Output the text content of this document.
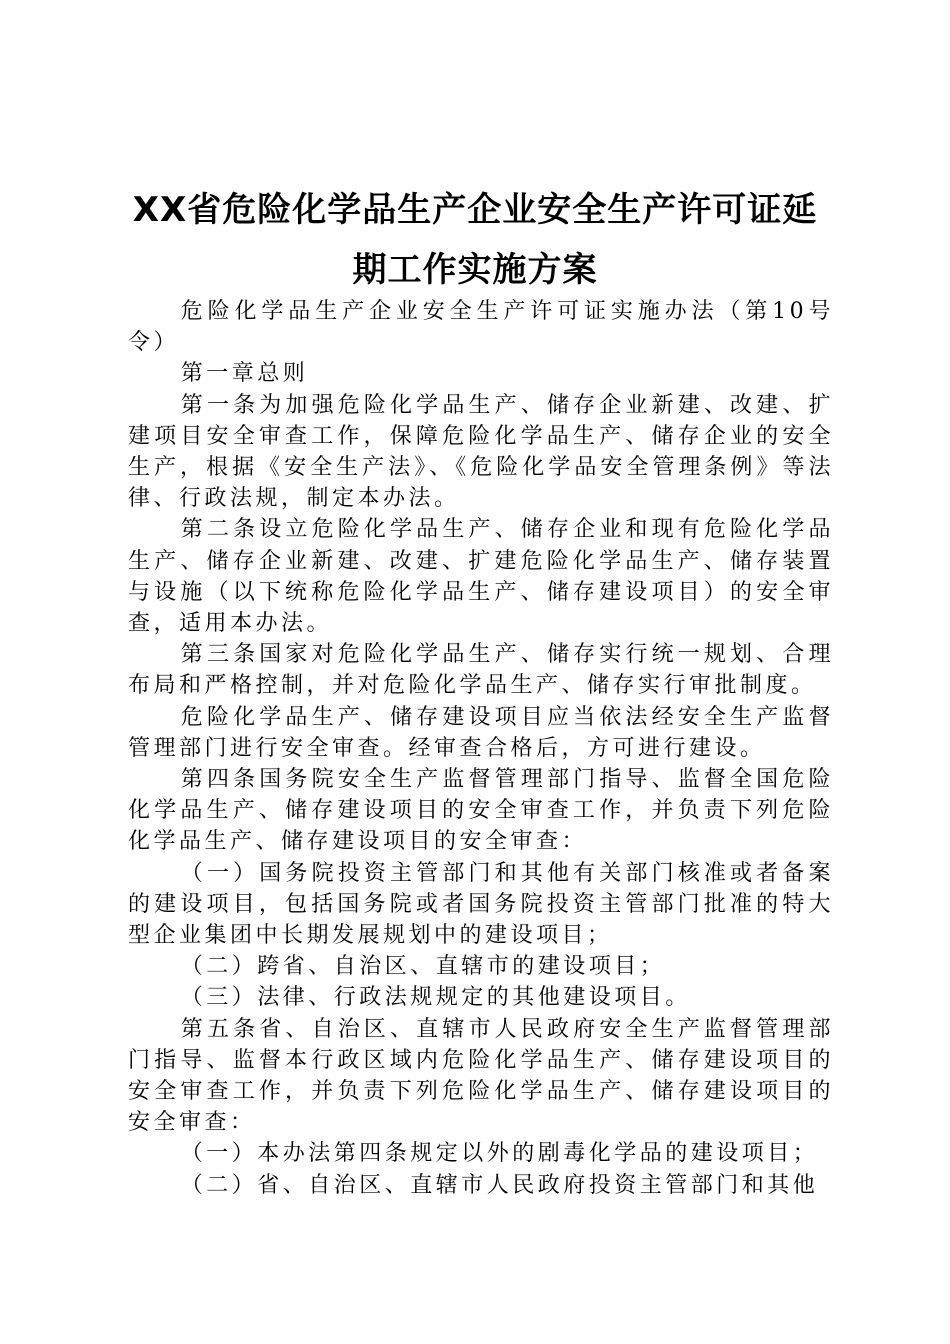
XX省危险化学品生产企业安全生产许可证延
期工作实施方案

危险化学品生产企业安全生产许可证实施办法（第10号令）

第一章总则

第一条为加强危险化学品生产、储存企业新建、改建、扩建项目安全审查工作，保障危险化学品生产、储存企业的安全生产，根据《安全生产法》、《危险化学品安全管理条例》等法律、行政法规，制定本办法。

第二条设立危险化学品生产、储存企业和现有危险化学品生产、储存企业新建、改建、扩建危险化学品生产、储存装置与设施（以下统称危险化学品生产、储存建设项目）的安全审查，适用本办法。

第三条国家对危险化学品生产、储存实行统一规划、合理布局和严格控制，并对危险化学品生产、储存实行审批制度。

危险化学品生产、储存建设项目应当依法经安全生产监督管理部门进行安全审查。经审查合格后，方可进行建设。

第四条国务院安全生产监督管理部门指导、监督全国危险化学品生产、储存建设项目的安全审查工作，并负责下列危险化学品生产、储存建设项目的安全审查：

（一）国务院投资主管部门和其他有关部门核准或者备案的建设项目，包括国务院或者国务院投资主管部门批准的特大型企业集团中长期发展规划中的建设项目；

（二）跨省、自治区、直辖市的建设项目；

（三）法律、行政法规规定的其他建设项目。

第五条省、自治区、直辖市人民政府安全生产监督管理部门指导、监督本行政区域内危险化学品生产、储存建设项目的安全审查工作，并负责下列危险化学品生产、储存建设项目的安全审查：

（一）本办法第四条规定以外的剧毒化学品的建设项目；

（二）省、自治区、直辖市人民政府投资主管部门和其他
